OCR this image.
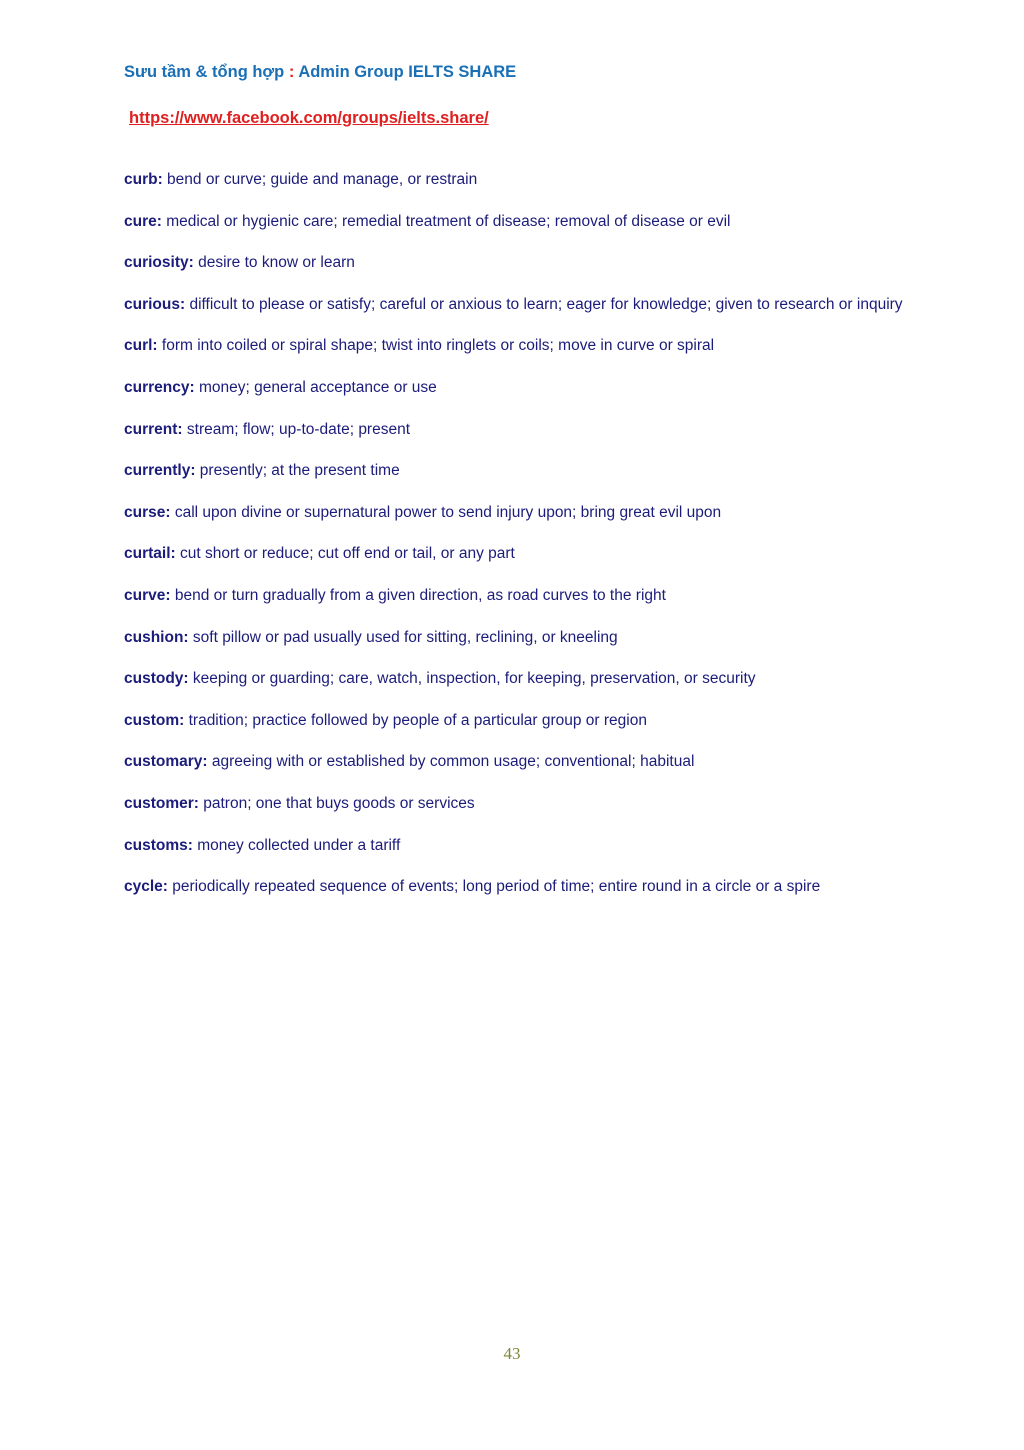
Sưu tầm & tổng hợp : Admin Group IELTS SHARE
https://www.facebook.com/groups/ielts.share/
curb: bend or curve; guide and manage, or restrain
cure: medical or hygienic care; remedial treatment of disease; removal of disease or evil
curiosity: desire to know or learn
curious: difficult to please or satisfy; careful or anxious to learn; eager for knowledge; given to research or inquiry
curl: form into coiled or spiral shape; twist into ringlets or coils; move in curve or spiral
currency: money; general acceptance or use
current: stream; flow; up-to-date; present
currently: presently; at the present time
curse: call upon divine or supernatural power to send injury upon; bring great evil upon
curtail: cut short or reduce; cut off end or tail, or any part
curve: bend or turn gradually from a given direction, as road curves to the right
cushion: soft pillow or pad usually used for sitting, reclining, or kneeling
custody: keeping or guarding; care, watch, inspection, for keeping, preservation, or security
custom: tradition; practice followed by people of a particular group or region
customary: agreeing with or established by common usage; conventional; habitual
customer: patron; one that buys goods or services
customs: money collected under a tariff
cycle: periodically repeated sequence of events; long period of time; entire round in a circle or a spire
43
